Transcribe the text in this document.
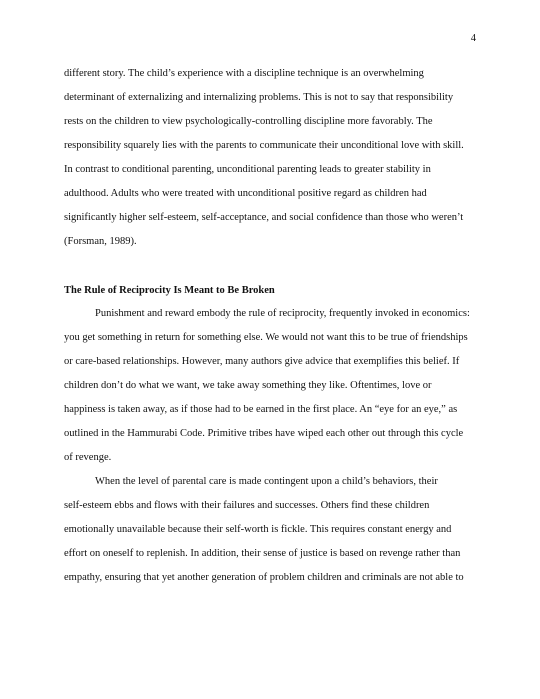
4
different story. The child’s experience with a discipline technique is an overwhelming
determinant of externalizing and internalizing problems. This is not to say that responsibility
rests on the children to view psychologically-controlling discipline more favorably. The
responsibility squarely lies with the parents to communicate their unconditional love with skill.
In contrast to conditional parenting, unconditional parenting leads to greater stability in
adulthood. Adults who were treated with unconditional positive regard as children had
significantly higher self-esteem, self-acceptance, and social confidence than those who weren’t
(Forsman, 1989).
The Rule of Reciprocity Is Meant to Be Broken
Punishment and reward embody the rule of reciprocity, frequently invoked in economics:
you get something in return for something else. We would not want this to be true of friendships
or care-based relationships. However, many authors give advice that exemplifies this belief. If
children don’t do what we want, we take away something they like. Oftentimes, love or
happiness is taken away, as if those had to be earned in the first place. An “eye for an eye,” as
outlined in the Hammurabi Code. Primitive tribes have wiped each other out through this cycle
of revenge.
When the level of parental care is made contingent upon a child’s behaviors, their
self-esteem ebbs and flows with their failures and successes. Others find these children
emotionally unavailable because their self-worth is fickle. This requires constant energy and
effort on oneself to replenish. In addition, their sense of justice is based on revenge rather than
empathy, ensuring that yet another generation of problem children and criminals are not able to
